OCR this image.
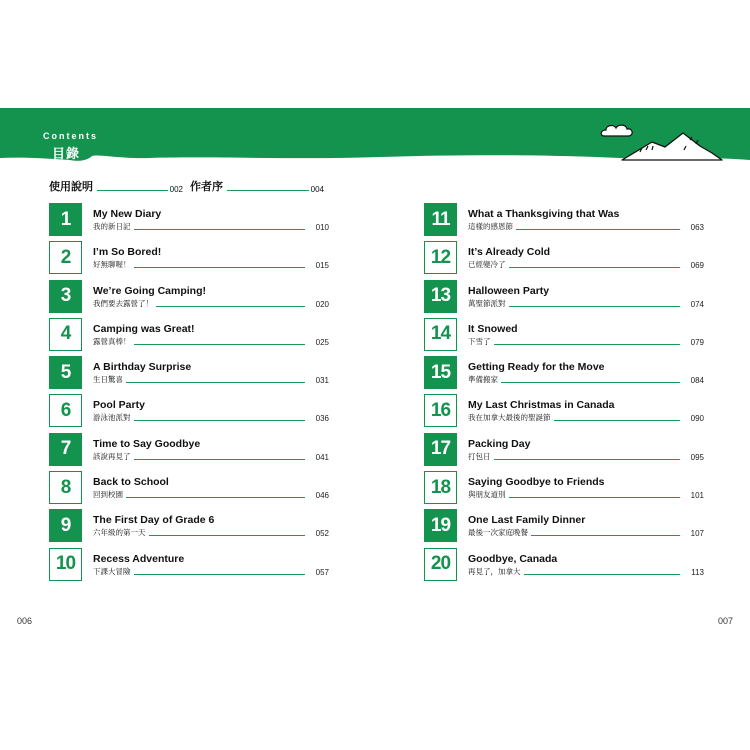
Contents
目錄
使用說明	002 作者序	004
1	My New Diary
我的新日記	010
2	I’m So Bored!
好無聊喔！	015
3	We’re Going Camping!
我們要去露營了！	020
4	Camping was Great!
露營真棒！	025
5	A Birthday Surprise
生日驚喜	031
6	Pool Party
游泳池派對	036
7	Time to Say Goodbye
該說再見了	041
8	Back to School
回到校園	046
9	The First Day of Grade 6
六年級的第一天	052
10	Recess Adventure
下課大冒險	057
11	What a Thanksgiving that Was
這樣的感恩節	063
12	It’s Already Cold
已經變冷了	069
13	Halloween Party
萬聖節派對	074
14	It Snowed
下雪了	079
15	Getting Ready for the Move
準備搬家	084
16	My Last Christmas in Canada
我在加拿大最後的聖誕節	090
17	Packing Day
打包日	095
18	Saying Goodbye to Friends
與朋友道別	101
19	One Last Family Dinner
最後一次家庭晚餐	107
20	Goodbye, Canada
再見了，加拿大	113
006	007
